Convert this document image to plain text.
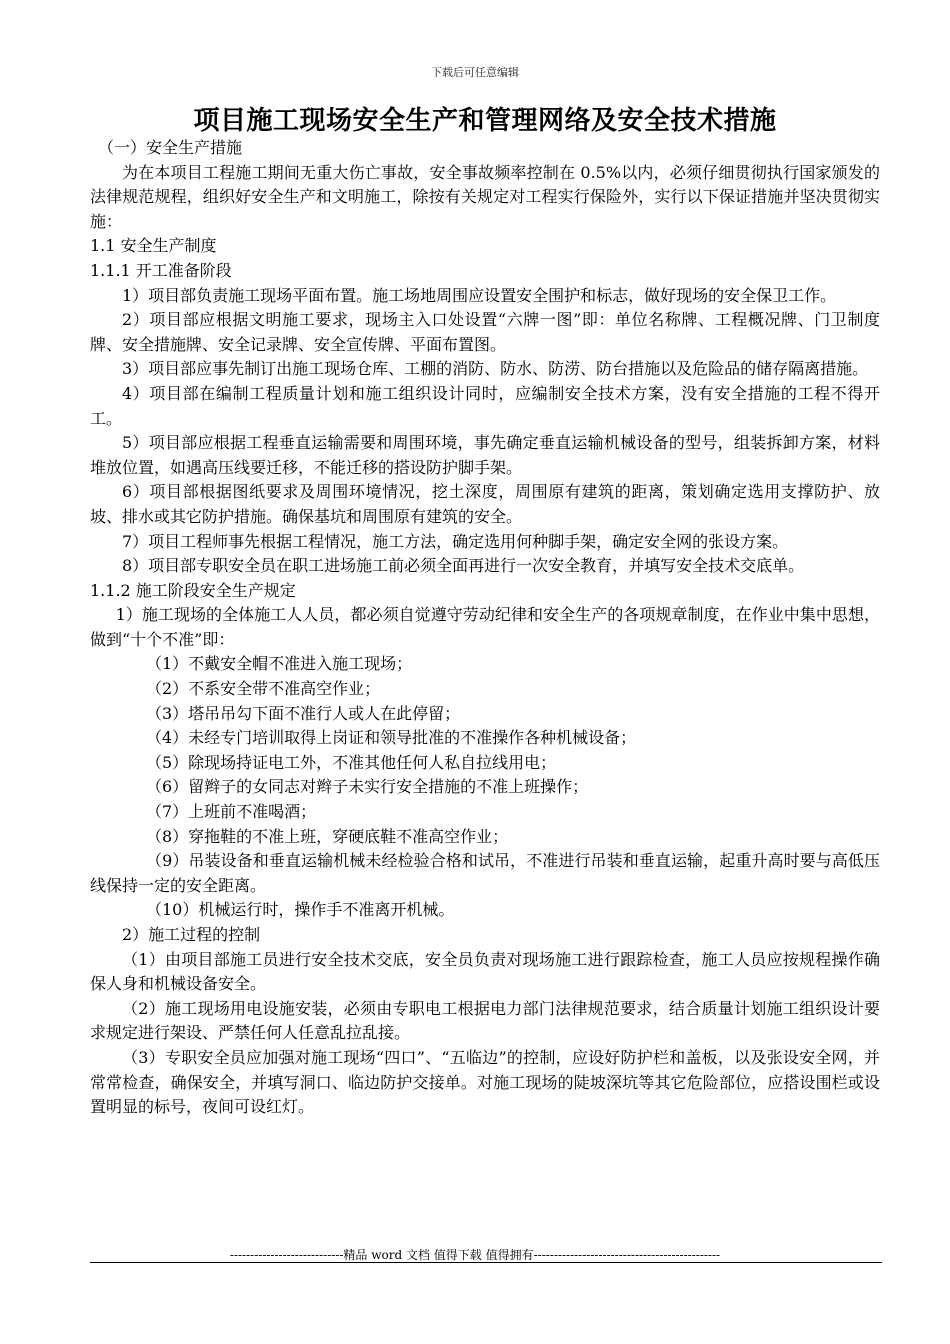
下载后可任意编辑
项目施工现场安全生产和管理网络及安全技术措施

（一）安全生产措施

为在本项目工程施工期间无重大伤亡事故，安全事故频率控制在 0.5%以内，必须仔细贯彻执行国家颁发的法律规范规程，组织好安全生产和文明施工，除按有关规定对工程实行保险外，实行以下保证措施并坚决贯彻实施：

1.1 安全生产制度

1.1.1 开工准备阶段

1）项目部负责施工现场平面布置。施工场地周围应设置安全围护和标志，做好现场的安全保卫工作。

2）项目部应根据文明施工要求，现场主入口处设置“六牌一图”即：单位名称牌、工程概况牌、门卫制度牌、安全措施牌、安全记录牌、安全宣传牌、平面布置图。

3）项目部应事先制订出施工现场仓库、工棚的消防、防水、防涝、防台措施以及危险品的储存隔离措施。

4）项目部在编制工程质量计划和施工组织设计同时，应编制安全技术方案，没有安全措施的工程不得开工。

5）项目部应根据工程垂直运输需要和周围环境，事先确定垂直运输机械设备的型号，组装拆卸方案，材料堆放位置，如遇高压线要迁移，不能迁移的搭设防护脚手架。

6）项目部根据图纸要求及周围环境情况，挖土深度，周围原有建筑的距离，策划确定选用支撑防护、放坡、排水或其它防护措施。确保基坑和周围原有建筑的安全。

7）项目工程师事先根据工程情况，施工方法，确定选用何种脚手架，确定安全网的张设方案。

8）项目部专职安全员在职工进场施工前必须全面再进行一次安全教育，并填写安全技术交底单。

1.1.2 施工阶段安全生产规定

1）施工现场的全体施工人人员，都必须自觉遵守劳动纪律和安全生产的各项规章制度，在作业中集中思想，做到“十个不准”即：

（1）不戴安全帽不准进入施工现场；

（2）不系安全带不准高空作业；

（3）塔吊吊勾下面不准行人或人在此停留；

（4）未经专门培训取得上岗证和领导批准的不准操作各种机械设备；

（5）除现场持证电工外，不准其他任何人私自拉线用电；

（6）留辫子的女同志对辫子未实行安全措施的不准上班操作；

（7）上班前不准喝酒；

（8）穿拖鞋的不准上班，穿硬底鞋不准高空作业；

（9）吊装设备和垂直运输机械未经检验合格和试吊，不准进行吊装和垂直运输，起重升高时要与高低压线保持一定的安全距离。

（10）机械运行时，操作手不准离开机械。

2）施工过程的控制

（1）由项目部施工员进行安全技术交底，安全员负责对现场施工进行跟踪检查，施工人员应按规程操作确保人身和机械设备安全。

（2）施工现场用电设施安装，必须由专职电工根据电力部门法律规范要求，结合质量计划施工组织设计要求规定进行架设、严禁任何人任意乱拉乱接。

（3）专职安全员应加强对施工现场“四口”、“五临边”的控制，应设好防护栏和盖板，以及张设安全网，并常常检查，确保安全，并填写洞口、临边防护交接单。对施工现场的陡坡深坑等其它危险部位，应搭设围栏或设置明显的标号，夜间可设红灯。

----------------------------精品 word 文档 值得下载 值得拥有----------------------------------------------
